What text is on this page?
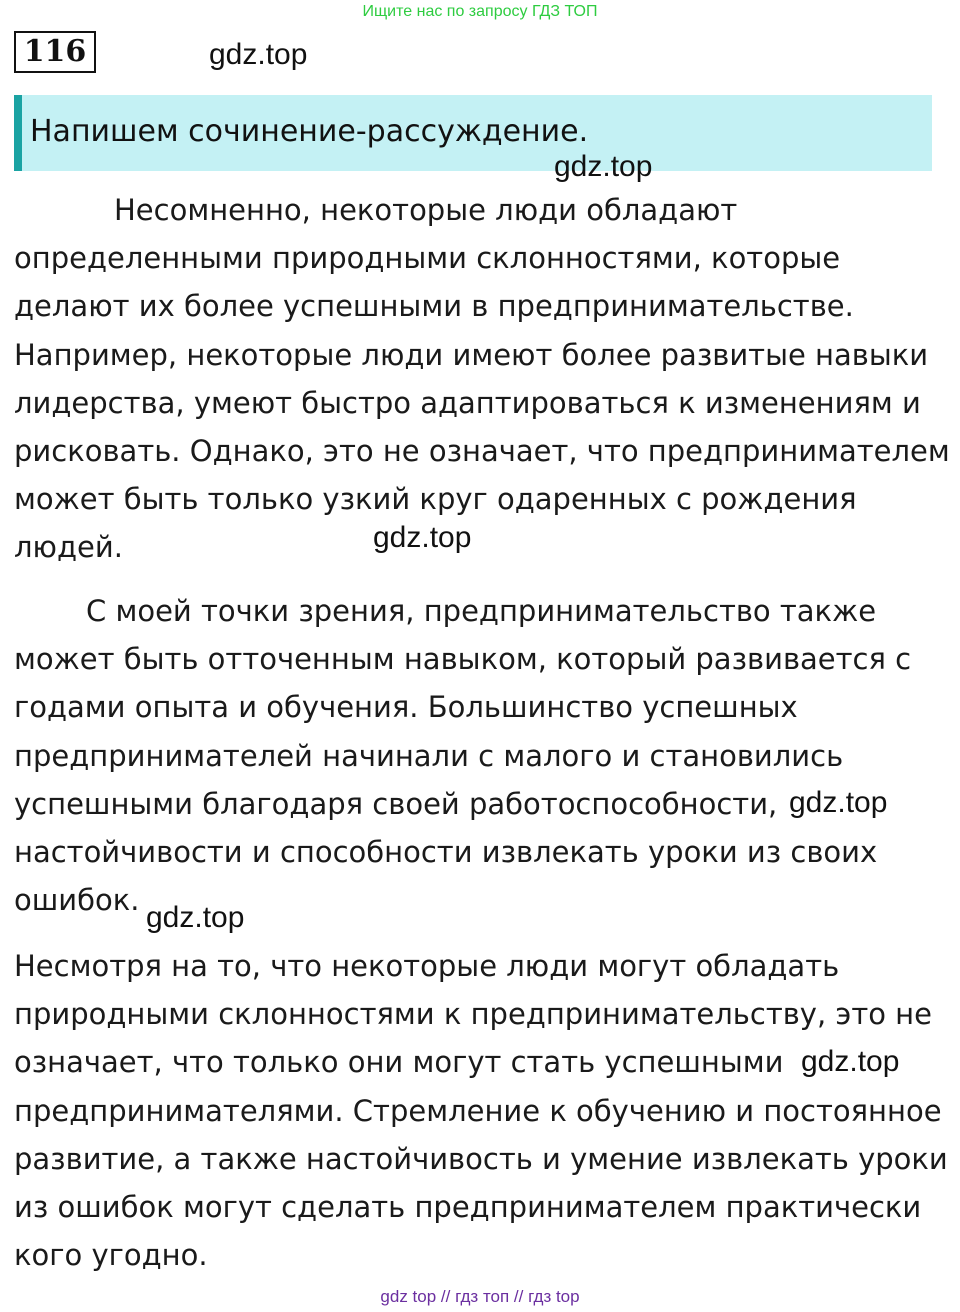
Ищите нас по запросу ГДЗ ТОП
116	gdz.top
Напишем сочинение-рассуждение.
gdz.top
Несомненно, некоторые люди обладают
определенными природными склонностями, которые
делают их более успешными в предпринимательстве.
Например, некоторые люди имеют более развитые навыки
лидерства, умеют быстро адаптироваться к изменениям и
рисковать. Однако, это не означает, что предпринимателем
может быть только узкий круг одаренных с рождения
людей.	gdz.top
С моей точки зрения, предпринимательство также
может быть отточенным навыком, который развивается с
годами опыта и обучения. Большинство успешных
предпринимателей начинали с малого и становились
успешными благодаря своей работоспособности,
настойчивости и способности извлекать уроки из своих
ошибок.
gdz.top
gdz.top
Несмотря на то, что некоторые люди могут обладать
природными склонностями к предпринимательству, это не
означает, что только они могут стать успешными
предпринимателями. Стремление к обучению и постоянное
развитие, а также настойчивость и умение извлекать уроки
из ошибок могут сделать предпринимателем практически
кого угодно.
gdz.top
gdz top // гдз топ // гдз top
